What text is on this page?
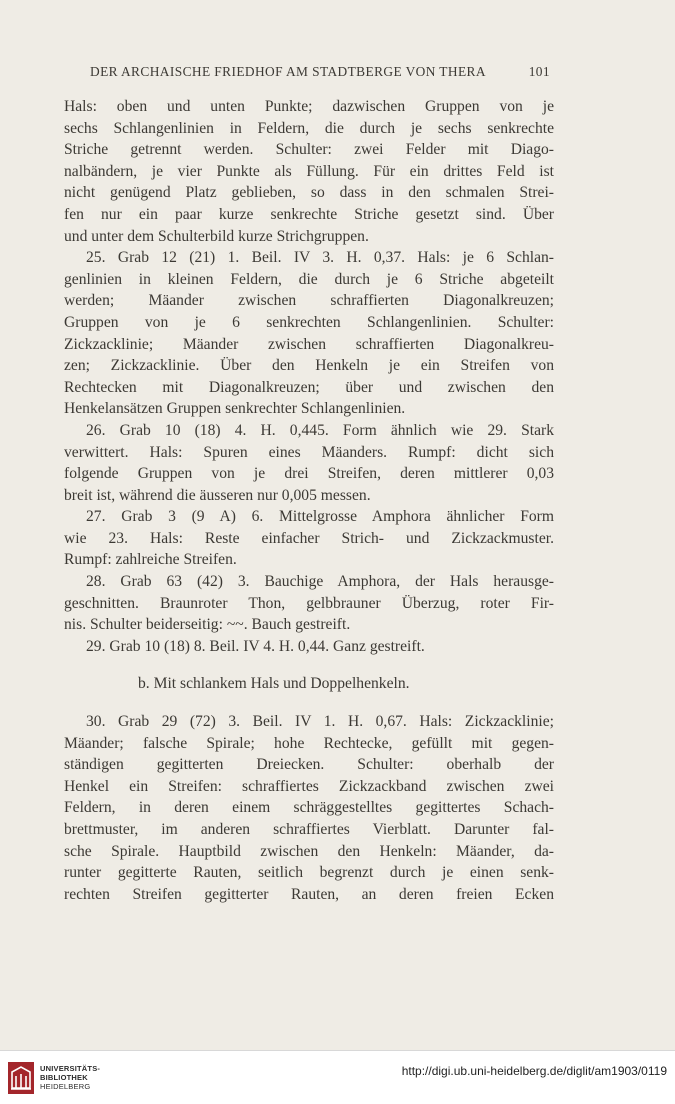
DER ARCHAISCHE FRIEDHOF AM STADTBERGE VON THERA	101
Hals: oben und unten Punkte; dazwischen Gruppen von je
sechs Schlangenlinien in Feldern, die durch je sechs senkrechte
Striche getrennt werden. Schulter: zwei Felder mit Diago-
nalbändern, je vier Punkte als Füllung. Für ein drittes Feld ist
nicht genügend Platz geblieben, so dass in den schmalen Strei-
fen nur ein paar kurze senkrechte Striche gesetzt sind. Über
und unter dem Schulterbild kurze Strichgruppen.
25. Grab 12 (21) 1. Beil. IV 3. H. 0,37. Hals: je 6 Schlan-
genlinien in kleinen Feldern, die durch je 6 Striche abgeteilt
werden; Mäander zwischen schraffierten Diagonalkreuzen;
Gruppen von je 6 senkrechten Schlangenlinien. Schulter:
Zickzacklinie; Mäander zwischen schraffierten Diagonalkreu-
zen; Zickzacklinie. Über den Henkeln je ein Streifen von
Rechtecken mit Diagonalkreuzen; über und zwischen den
Henkelansätzen Gruppen senkrechter Schlangenlinien.
26. Grab 10 (18) 4. H. 0,445. Form ähnlich wie 29. Stark
verwittert. Hals: Spuren eines Mäanders. Rumpf: dicht sich
folgende Gruppen von je drei Streifen, deren mittlerer 0,03
breit ist, während die äusseren nur 0,005 messen.
27. Grab 3 (9 A) 6. Mittelgrosse Amphora ähnlicher Form
wie 23. Hals: Reste einfacher Strich- und Zickzackmuster.
Rumpf: zahlreiche Streifen.
28. Grab 63 (42) 3. Bauchige Amphora, der Hals herausge-
geschnitten. Braunroter Thon, gelbbrauner Überzug, roter Fir-
nis. Schulter beiderseitig: ~~. Bauch gestreift.
29. Grab 10 (18) 8. Beil. IV 4. H. 0,44. Ganz gestreift.
b. Mit schlankem Hals und Doppelhenkeln.
30. Grab 29 (72) 3. Beil. IV 1. H. 0,67. Hals: Zickzacklinie;
Mäander; falsche Spirale; hohe Rechtecke, gefüllt mit gegen-
ständigen gegitterten Dreiecken. Schulter: oberhalb der
Henkel ein Streifen: schraffiertes Zickzackband zwischen zwei
Feldern, in deren einem schräggestelltes gegittertes Schach-
brettmuster, im anderen schraffiertes Vierblatt. Darunter fal-
sche Spirale. Hauptbild zwischen den Henkeln: Mäander, da-
runter gegitterte Rauten, seitlich begrenzt durch je einen senk-
rechten Streifen gegitterter Rauten, an deren freien Ecken
UNIVERSITÄTS-
BIBLIOTHEK
HEIDELBERG
http://digi.ub.uni-heidelberg.de/diglit/am1903/0119
